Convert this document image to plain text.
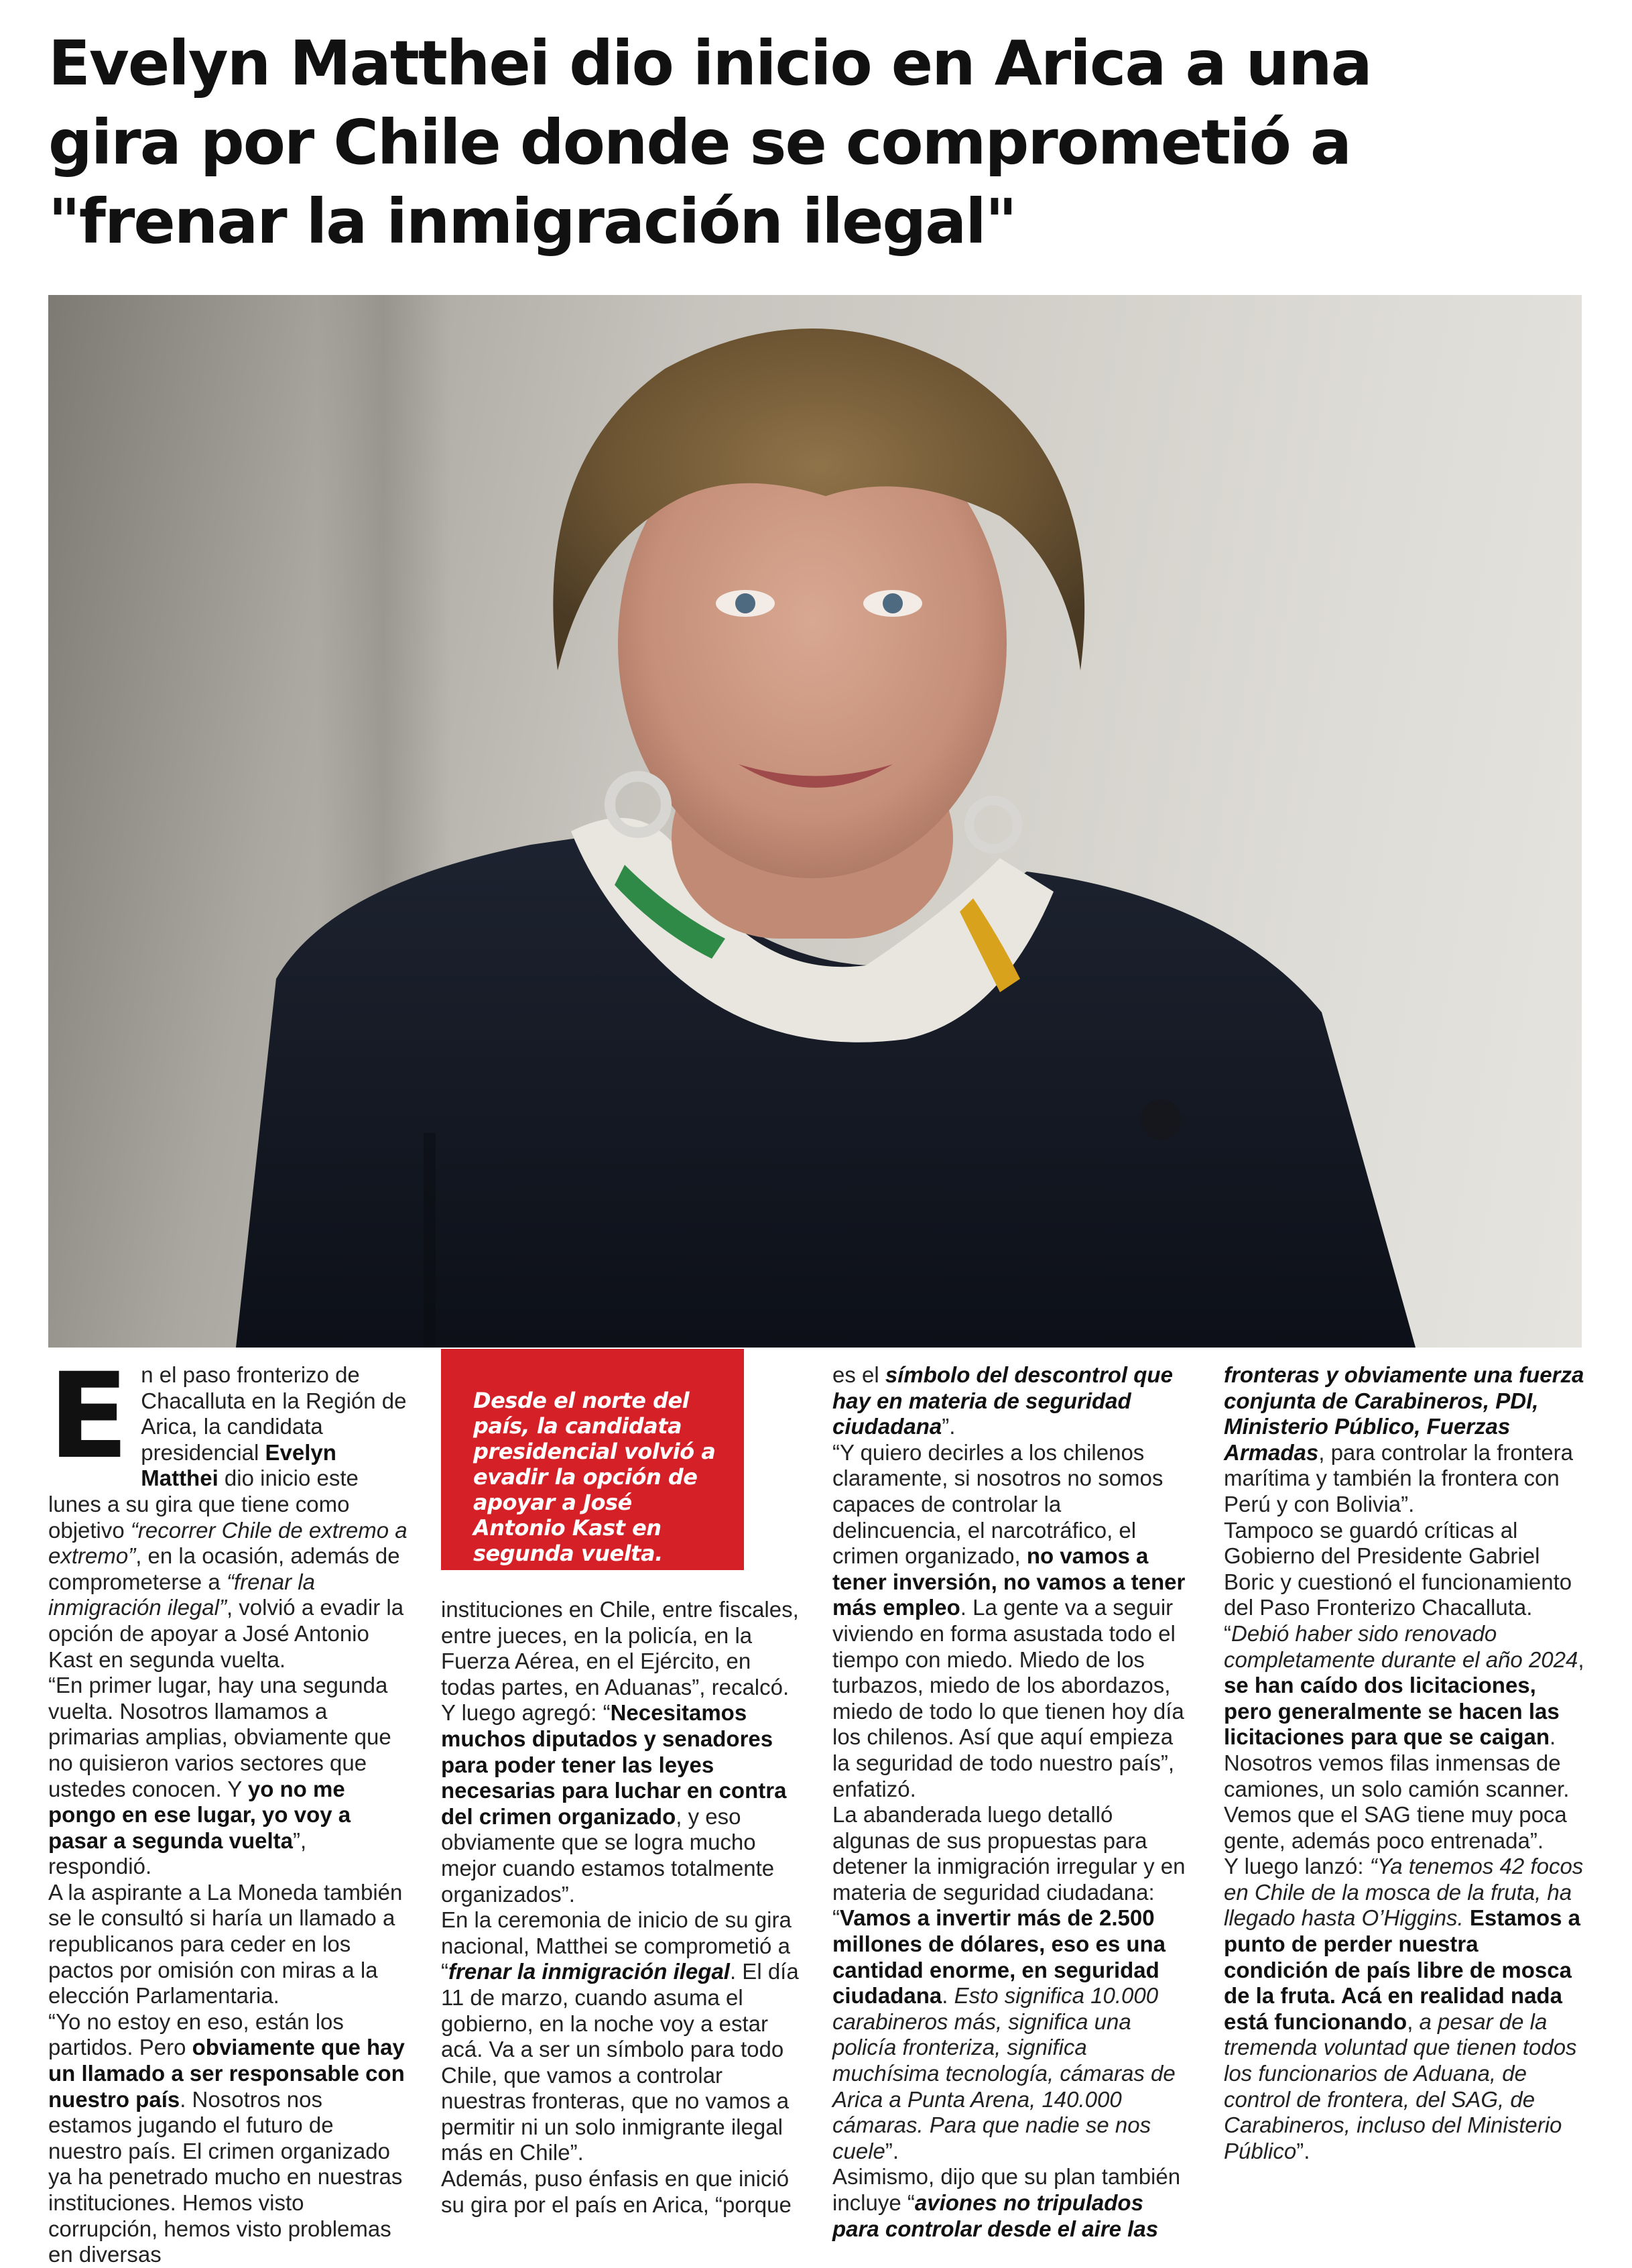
Evelyn Matthei dio inicio en Arica a una
gira por Chile donde se comprometió a
"frenar la inmigración ilegal"

En el paso fronterizo de Chacalluta en la Región de Arica, la candidata presidencial Evelyn Matthei dio inicio este lunes a su gira que tiene como objetivo “recorrer Chile de extremo a extremo”, en la ocasión, además de comprometerse a “frenar la inmigración ilegal”, volvió a evadir la opción de apoyar a José Antonio Kast en segunda vuelta.
“En primer lugar, hay una segunda vuelta. Nosotros llamamos a primarias amplias, obviamente que no quisieron varios sectores que ustedes conocen. Y yo no me pongo en ese lugar, yo voy a pasar a segunda vuelta”, respondió.
A la aspirante a La Moneda también se le consultó si haría un llamado a republicanos para ceder en los pactos por omisión con miras a la elección Parlamentaria.
“Yo no estoy en eso, están los partidos. Pero obviamente que hay un llamado a ser responsable con nuestro país. Nosotros nos estamos jugando el futuro de nuestro país. El crimen organizado ya ha penetrado mucho en nuestras instituciones. Hemos visto corrupción, hemos visto problemas en diversas

instituciones en Chile, entre fiscales, entre jueces, en la policía, en la Fuerza Aérea, en el Ejército, en todas partes, en Aduanas”, recalcó.
Y luego agregó: “Necesitamos muchos diputados y senadores para poder tener las leyes necesarias para luchar en contra del crimen organizado, y eso obviamente que se logra mucho mejor cuando estamos totalmente organizados”.
En la ceremonia de inicio de su gira nacional, Matthei se comprometió a “frenar la inmigración ilegal. El día 11 de marzo, cuando asuma el gobierno, en la noche voy a estar acá. Va a ser un símbolo para todo Chile, que vamos a controlar nuestras fronteras, que no vamos a permitir ni un solo inmigrante ilegal más en Chile”.
Además, puso énfasis en que inició su gira por el país en Arica, “porque

es el símbolo del descontrol que hay en materia de seguridad ciudadana”.
“Y quiero decirles a los chilenos claramente, si nosotros no somos capaces de controlar la delincuencia, el narcotráfico, el crimen organizado, no vamos a tener inversión, no vamos a tener más empleo. La gente va a seguir viviendo en forma asustada todo el tiempo con miedo. Miedo de los turbazos, miedo de los abordazos, miedo de todo lo que tienen hoy día los chilenos. Así que aquí empieza la seguridad de todo nuestro país”, enfatizó.
La abanderada luego detalló algunas de sus propuestas para detener la inmigración irregular y en materia de seguridad ciudadana: “Vamos a invertir más de 2.500 millones de dólares, eso es una cantidad enorme, en seguridad ciudadana. Esto significa 10.000 carabineros más, significa una policía fronteriza, significa muchísima tecnología, cámaras de Arica a Punta Arena, 140.000 cámaras. Para que nadie se nos cuele”.
Asimismo, dijo que su plan también incluye “aviones no tripulados para controlar desde el aire las

fronteras y obviamente una fuerza conjunta de Carabineros, PDI, Ministerio Público, Fuerzas Armadas, para controlar la frontera marítima y también la frontera con Perú y con Bolivia”.
Tampoco se guardó críticas al Gobierno del Presidente Gabriel Boric y cuestionó el funcionamiento del Paso Fronterizo Chacalluta. “Debió haber sido renovado completamente durante el año 2024, se han caído dos licitaciones, pero generalmente se hacen las licitaciones para que se caigan. Nosotros vemos filas inmensas de camiones, un solo camión scanner. Vemos que el SAG tiene muy poca gente, además poco entrenada”.
Y luego lanzó: “Ya tenemos 42 focos en Chile de la mosca de la fruta, ha llegado hasta O’Higgins. Estamos a punto de perder nuestra condición de país libre de mosca de la fruta. Acá en realidad nada está funcionando, a pesar de la tremenda voluntad que tienen todos los funcionarios de Aduana, de control de frontera, del SAG, de Carabineros, incluso del Ministerio Público”.

Desde el norte del país, la candidata presidencial volvió a evadir la opción de apoyar a José Antonio Kast en segunda vuelta.
